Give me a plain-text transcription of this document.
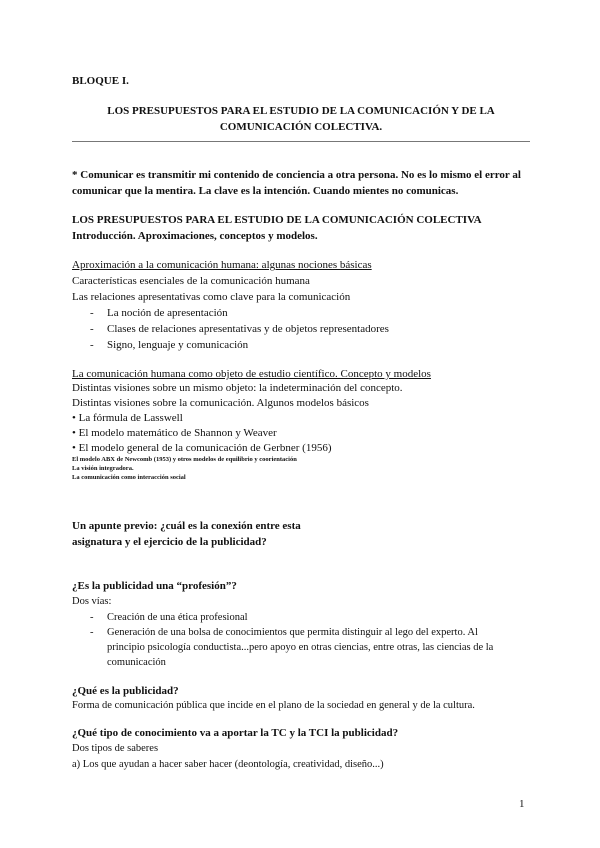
BLOQUE I.
LOS PRESUPUESTOS PARA EL ESTUDIO DE LA COMUNICACIÓN Y DE LA
COMUNICACIÓN COLECTIVA.
* Comunicar es transmitir mi contenido de conciencia a otra persona. No es lo mismo el error al
comunicar que la mentira. La clave es la intención. Cuando mientes no comunicas.
LOS PRESUPUESTOS PARA EL ESTUDIO DE LA COMUNICACIÓN COLECTIVA
Introducción. Aproximaciones, conceptos y modelos.
Aproximación a la comunicación humana: algunas nociones básicas
Características esenciales de la comunicación humana
Las relaciones apresentativas como clave para la comunicación
- La noción de apresentación
- Clases de relaciones apresentativas y de objetos representadores
- Signo, lenguaje y comunicación
La comunicación humana como objeto de estudio científico. Concepto y modelos
Distintas visiones sobre un mismo objeto: la indeterminación del concepto.
Distintas visiones sobre la comunicación. Algunos modelos básicos
• La fórmula de Lasswell
• El modelo matemático de Shannon y Weaver
• El modelo general de la comunicación de Gerbner (1956)
El modelo ABX de Newcomb (1953) y otros modelos de equilibrio y coorientación
La visión integradora.
La comunicación como interacción social
Un apunte previo: ¿cuál es la conexión entre esta
asignatura y el ejercicio de la publicidad?
¿Es la publicidad una “profesión”?
Dos vías:
- Creación de una ética profesional
- Generación de una bolsa de conocimientos que permita distinguir al lego del experto. Al
principio psicología conductista...pero apoyo en otras ciencias, entre otras, las ciencias de la
comunicación
¿Qué es la publicidad?
Forma de comunicación pública que incide en el plano de la sociedad en general y de la cultura.
¿Qué tipo de conocimiento va a aportar la TC y la TCI la publicidad?
Dos tipos de saberes
a) Los que ayudan a hacer saber hacer (deontología, creatividad, diseño...)
1
